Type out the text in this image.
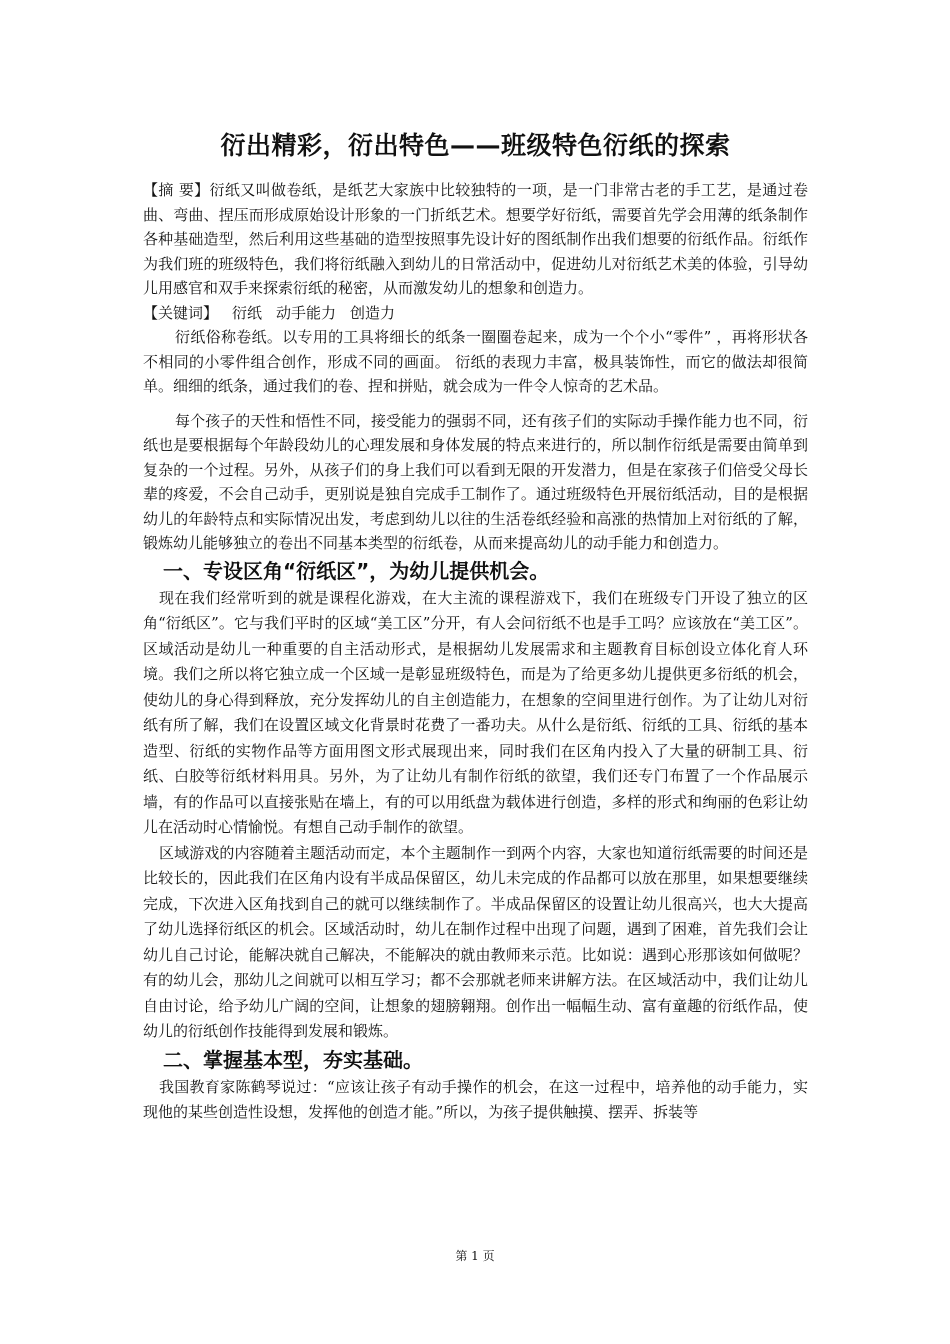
衍出精彩，衍出特色——班级特色衍纸的探索

【摘 要】衍纸又叫做卷纸，是纸艺大家族中比较独特的一项，是一门非常古老的手工艺，是通过卷曲、弯曲、捏压而形成原始设计形象的一门折纸艺术。想要学好衍纸，需要首先学会用薄的纸条制作各种基础造型，然后利用这些基础的造型按照事先设计好的图纸制作出我们想要的衍纸作品。衍纸作为我们班的班级特色，我们将衍纸融入到幼儿的日常活动中，促进幼儿对衍纸艺术美的体验，引导幼儿用感官和双手来探索衍纸的秘密，从而激发幼儿的想象和创造力。

【关键词】 衍纸 动手能力 创造力

衍纸俗称卷纸。以专用的工具将细长的纸条一圈圈卷起来，成为一个个小“零件” ，再将形状各不相同的小零件组合创作，形成不同的画面。 衍纸的表现力丰富，极具装饰性，而它的做法却很简单。细细的纸条，通过我们的卷、捏和拼贴，就会成为一件令人惊奇的艺术品。

每个孩子的天性和悟性不同，接受能力的强弱不同，还有孩子们的实际动手操作能力也不同，衍纸也是要根据每个年龄段幼儿的心理发展和身体发展的特点来进行的，所以制作衍纸是需要由简单到复杂的一个过程。另外，从孩子们的身上我们可以看到无限的开发潜力，但是在家孩子们倍受父母长辈的疼爱，不会自己动手，更别说是独自完成手工制作了。通过班级特色开展衍纸活动，目的是根据幼儿的年龄特点和实际情况出发，考虑到幼儿以往的生活卷纸经验和高涨的热情加上对衍纸的了解，锻炼幼儿能够独立的卷出不同基本类型的衍纸卷，从而来提高幼儿的动手能力和创造力。

一、专设区角“衍纸区”，为幼儿提供机会。

现在我们经常听到的就是课程化游戏，在大主流的课程游戏下，我们在班级专门开设了独立的区角“衍纸区”。它与我们平时的区域“美工区”分开，有人会问衍纸不也是手工吗？应该放在“美工区”。区域活动是幼儿一种重要的自主活动形式，是根据幼儿发展需求和主题教育目标创设立体化育人环境。我们之所以将它独立成一个区域一是彰显班级特色，而是为了给更多幼儿提供更多衍纸的机会，使幼儿的身心得到释放，充分发挥幼儿的自主创造能力，在想象的空间里进行创作。为了让幼儿对衍纸有所了解，我们在设置区域文化背景时花费了一番功夫。从什么是衍纸、衍纸的工具、衍纸的基本造型、衍纸的实物作品等方面用图文形式展现出来，同时我们在区角内投入了大量的研制工具、衍纸、白胶等衍纸材料用具。另外，为了让幼儿有制作衍纸的欲望，我们还专门布置了一个作品展示墙，有的作品可以直接张贴在墙上，有的可以用纸盘为载体进行创造，多样的形式和绚丽的色彩让幼儿在活动时心情愉悦。有想自己动手制作的欲望。

区域游戏的内容随着主题活动而定，本个主题制作一到两个内容，大家也知道衍纸需要的时间还是比较长的，因此我们在区角内设有半成品保留区，幼儿未完成的作品都可以放在那里，如果想要继续完成，下次进入区角找到自己的就可以继续制作了。半成品保留区的设置让幼儿很高兴，也大大提高了幼儿选择衍纸区的机会。区域活动时，幼儿在制作过程中出现了问题，遇到了困难，首先我们会让幼儿自己讨论，能解决就自己解决，不能解决的就由教师来示范。比如说：遇到心形那该如何做呢？有的幼儿会，那幼儿之间就可以相互学习；都不会那就老师来讲解方法。在区域活动中，我们让幼儿自由讨论，给予幼儿广阔的空间，让想象的翅膀翱翔。创作出一幅幅生动、富有童趣的衍纸作品，使幼儿的衍纸创作技能得到发展和锻炼。

二、掌握基本型，夯实基础。

我国教育家陈鹤琴说过：“应该让孩子有动手操作的机会，在这一过程中，培养他的动手能力，实现他的某些创造性设想，发挥他的创造才能。”所以，为孩子提供触摸、摆弄、拆装等

第 1 页
